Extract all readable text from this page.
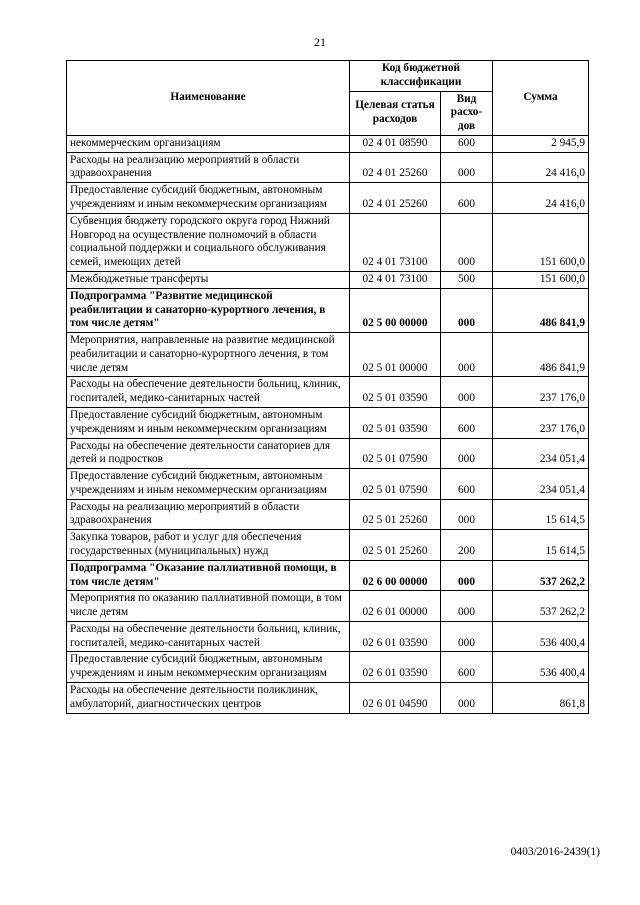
21
Наименование	Код бюджетной классификации		Сумма
	Целевая статья расходов	Вид расхо-дов	
некоммерческим организациям	02 4 01 08590	600	2 945,9
Расходы на реализацию мероприятий в области здравоохранения	02 4 01 25260	000	24 416,0
Предоставление субсидий бюджетным, автономным учреждениям и иным некоммерческим организациям	02 4 01 25260	600	24 416,0
Субвенция бюджету городского округа город Нижний Новгород на осуществление полномочий в области социальной поддержки и социального обслуживания семей, имеющих детей	02 4 01 73100	000	151 600,0
Межбюджетные трансферты	02 4 01 73100	500	151 600,0
Подпрограмма "Развитие медицинской реабилитации и санаторно-курортного лечения, в том числе детям"	02 5 00 00000	000	486 841,9
Мероприятия, направленные на развитие медицинской реабилитации и санаторно-курортного лечения, в том числе детям	02 5 01 00000	000	486 841,9
Расходы на обеспечение деятельности больниц, клиник, госпиталей, медико-санитарных частей	02 5 01 03590	000	237 176,0
Предоставление субсидий бюджетным, автономным учреждениям и иным некоммерческим организациям	02 5 01 03590	600	237 176,0
Расходы на обеспечение деятельности санаториев для детей и подростков	02 5 01 07590	000	234 051,4
Предоставление субсидий бюджетным, автономным учреждениям и иным некоммерческим организациям	02 5 01 07590	600	234 051,4
Расходы на реализацию мероприятий в области здравоохранения	02 5 01 25260	000	15 614,5
Закупка товаров, работ и услуг для обеспечения государственных (муниципальных) нужд	02 5 01 25260	200	15 614,5
Подпрограмма "Оказание паллиативной помощи, в том числе детям"	02 6 00 00000	000	537 262,2
Мероприятия по оказанию паллиативной помощи, в том числе детям	02 6 01 00000	000	537 262,2
Расходы на обеспечение деятельности больниц, клиник, госпиталей, медико-санитарных частей	02 6 01 03590	000	536 400,4
Предоставление субсидий бюджетным, автономным учреждениям и иным некоммерческим организациям	02 6 01 03590	600	536 400,4
Расходы на обеспечение деятельности поликлиник, амбулаторий, диагностических центров	02 6 01 04590	000	861,8
0403/2016-2439(1)
